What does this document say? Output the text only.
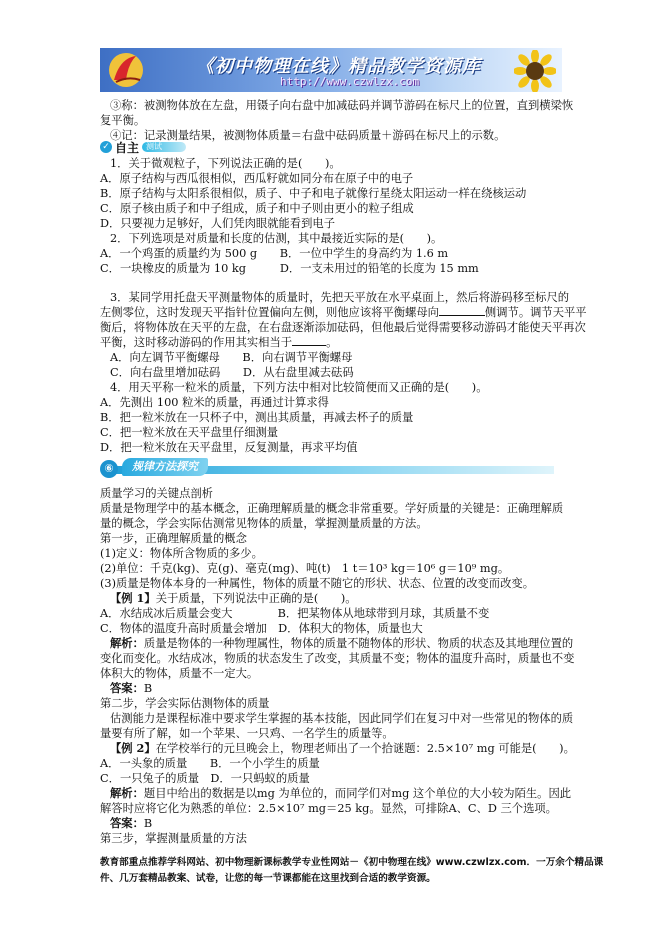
《初中物理在线》精品教学资源库
http://www.czwlzx.com
③称：被测物体放在左盘，用镊子向右盘中加减砝码并调节游码在标尺上的位置，直到横梁恢
复平衡。
④记：记录测量结果，被测物体质量＝右盘中砝码质量＋游码在标尺上的示数。
✓ 自主 测试
1．关于微观粒子，下列说法正确的是(　　)。
A．原子结构与西瓜很相似，西瓜籽就如同分布在原子中的电子
B．原子结构与太阳系很相似，质子、中子和电子就像行星绕太阳运动一样在绕核运动
C．原子核由质子和中子组成，质子和中子则由更小的粒子组成
D．只要视力足够好，人们凭肉眼就能看到电子
2．下列选项是对质量和长度的估测，其中最接近实际的是(　　)。
A．一个鸡蛋的质量约为 500 g　　B．一位中学生的身高约为 1.6 m
C．一块橡皮的质量为 10 kg　　　D．一支未用过的铅笔的长度为 15 mm
3．某同学用托盘天平测量物体的质量时，先把天平放在水平桌面上，然后将游码移至标尺的
左侧零位，这时发现天平指针位置偏向左侧，则他应该将平衡螺母向	侧调节。调节天平平
衡后，将物体放在天平的左盘，在右盘逐渐添加砝码，但他最后觉得需要移动游码才能使天平再次
平衡，这时移动游码的作用其实相当于	。
A．向左调节平衡螺母　　B．向右调节平衡螺母
C．向右盘里增加砝码　　D．从右盘里减去砝码
4．用天平称一粒米的质量，下列方法中相对比较简便而又正确的是(　　)。
A．先测出 100 粒米的质量，再通过计算求得
B．把一粒米放在一只杯子中，测出其质量，再减去杯子的质量
C．把一粒米放在天平盘里仔细测量
D．把一粒米放在天平盘里，反复测量，再求平均值
⑥	规律方法探究
质量学习的关键点剖析
质量是物理学中的基本概念，正确理解质量的概念非常重要。学好质量的关键是：正确理解质
量的概念，学会实际估测常见物体的质量，掌握测量质量的方法。
第一步，正确理解质量的概念
(1)定义：物体所含物质的多少。
(2)单位：千克(kg)、克(g)、毫克(mg)、吨(t)　1 t＝10³ kg＝10⁶ g＝10⁹ mg。
(3)质量是物体本身的一种属性，物体的质量不随它的形状、状态、位置的改变而改变。
【例 1】关于质量，下列说法中正确的是(　　)。
A．水结成冰后质量会变大　　　　B．把某物体从地球带到月球，其质量不变
C．物体的温度升高时质量会增加　D．体积大的物体，质量也大
解析：质量是物体的一种物理属性，物体的质量不随物体的形状、物质的状态及其地理位置的
变化而变化。水结成冰，物质的状态发生了改变，其质量不变；物体的温度升高时，质量也不变
体积大的物体，质量不一定大。
答案：B
第二步，学会实际估测物体的质量
估测能力是课程标准中要求学生掌握的基本技能，因此同学们在复习中对一些常见的物体的质
量要有所了解，如一个苹果、一只鸡、一名学生的质量等。
【例 2】在学校举行的元旦晚会上，物理老师出了一个拾谜题：2.5×10⁷ mg 可能是(　　)。
A．一头象的质量　　B．一个小学生的质量
C．一只兔子的质量　D．一只蚂蚁的质量
解析：题目中给出的数据是以mg 为单位的，而同学们对mg 这个单位的大小较为陌生。因此
解答时应将它化为熟悉的单位：2.5×10⁷ mg＝25 kg。显然，可排除A、C、D 三个选项。
答案：B
第三步，掌握测量质量的方法
教育部重点推荐学科网站、初中物理新课标教学专业性网站－《初中物理在线》www.czwlzx.com．一万余个精品课
件、几万套精品教案、试卷，让您的每一节课都能在这里找到合适的教学资源。
